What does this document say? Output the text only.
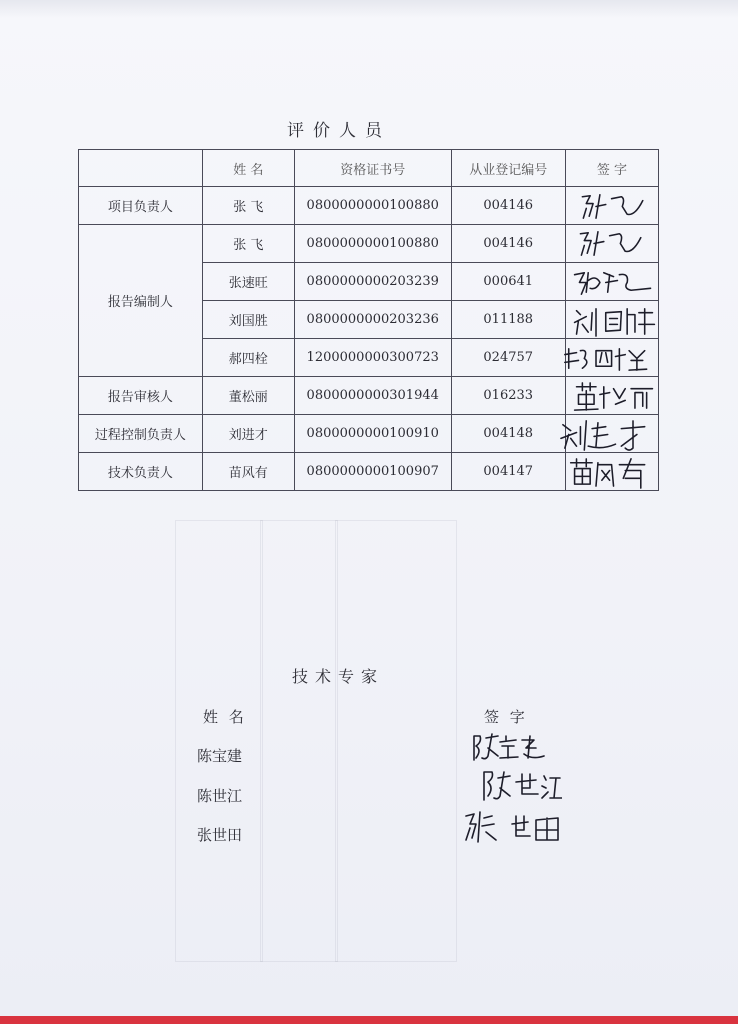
评价人员
	姓 名	资格证书号	从业登记编号	签 字
项目负责人	张 飞	0800000000100880	004146	

报告编制人	张 飞	0800000000100880	004146	

	张速旺	0800000000203239	000641	

	刘国胜	0800000000203236	011188	

	郝四栓	1200000000300723	024757	

报告审核人	董松丽	0800000000301944	016233	

过程控制负责人	刘进才	0800000000100910	004148	

技术负责人	苗风有	0800000000100907	004147	
技术专家
姓 名	签 字
陈宝建
陈世江
张世田
